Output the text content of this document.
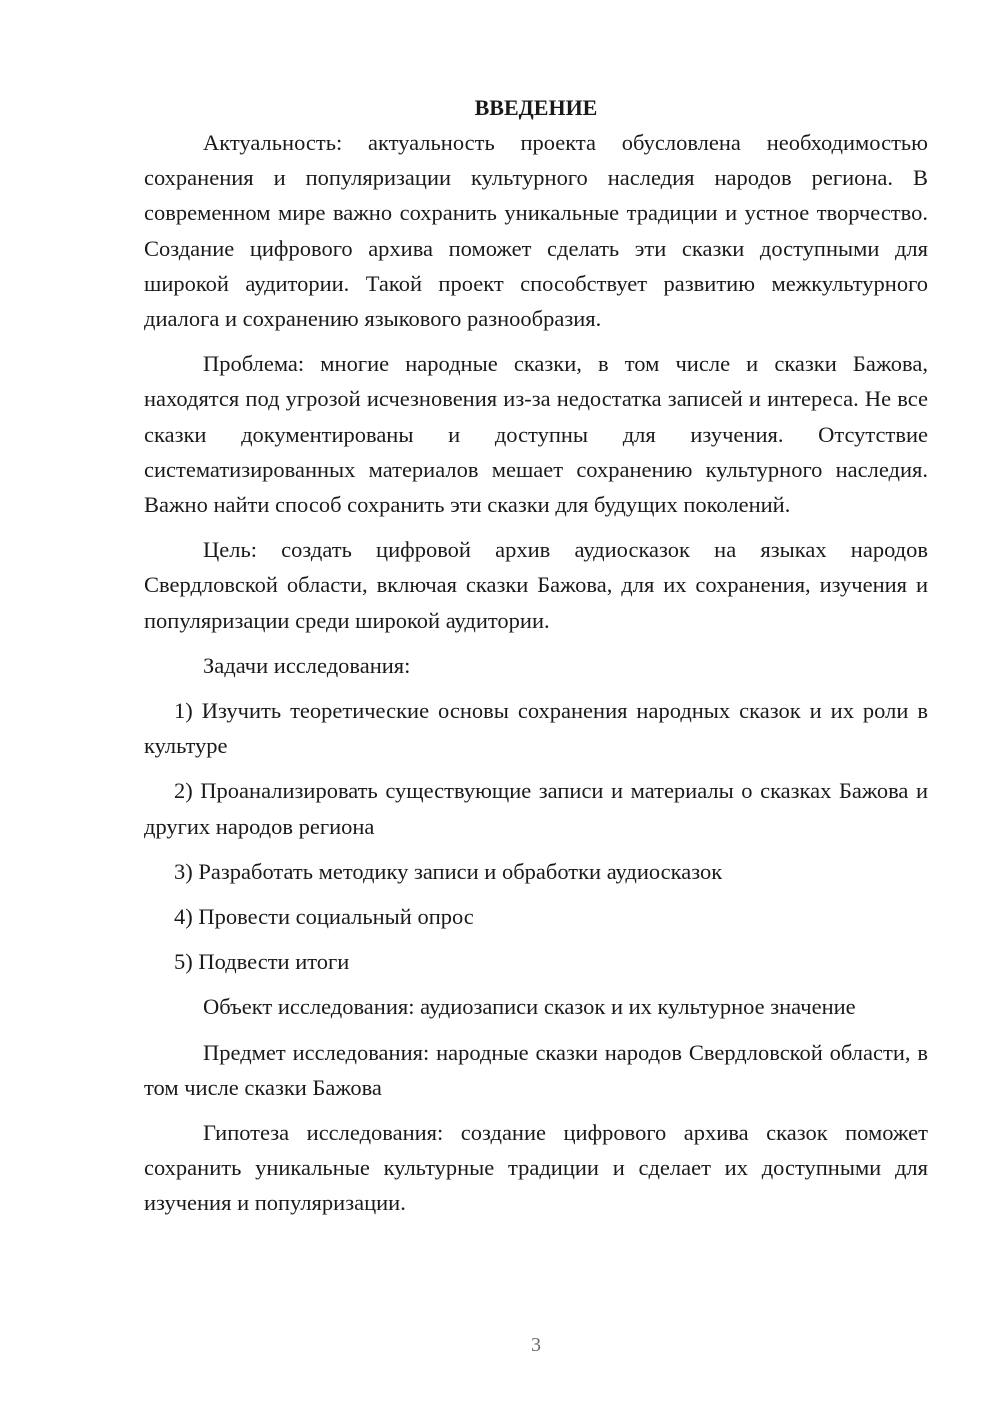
ВВЕДЕНИЕ

Актуальность: актуальность проекта обусловлена необходимостью сохранения и популяризации культурного наследия народов региона. В современном мире важно сохранить уникальные традиции и устное творчество. Создание цифрового архива поможет сделать эти сказки доступными для широкой аудитории. Такой проект способствует развитию межкультурного диалога и сохранению языкового разнообразия.

Проблема: многие народные сказки, в том числе и сказки Бажова, находятся под угрозой исчезновения из-за недостатка записей и интереса. Не все сказки документированы и доступны для изучения. Отсутствие систематизированных материалов мешает сохранению культурного наследия. Важно найти способ сохранить эти сказки для будущих поколений.

Цель: создать цифровой архив аудиосказок на языках народов Свердловской области, включая сказки Бажова, для их сохранения, изучения и популяризации среди широкой аудитории.

Задачи исследования:

1) Изучить теоретические основы сохранения народных сказок и их роли в культуре

2) Проанализировать существующие записи и материалы о сказках Бажова и других народов региона

3) Разработать методику записи и обработки аудиосказок

4) Провести социальный опрос

5) Подвести итоги

Объект исследования: аудиозаписи сказок и их культурное значение

Предмет исследования: народные сказки народов Свердловской области, в том числе сказки Бажова

Гипотеза исследования: создание цифрового архива сказок поможет сохранить уникальные культурные традиции и сделает их доступными для изучения и популяризации.

3
